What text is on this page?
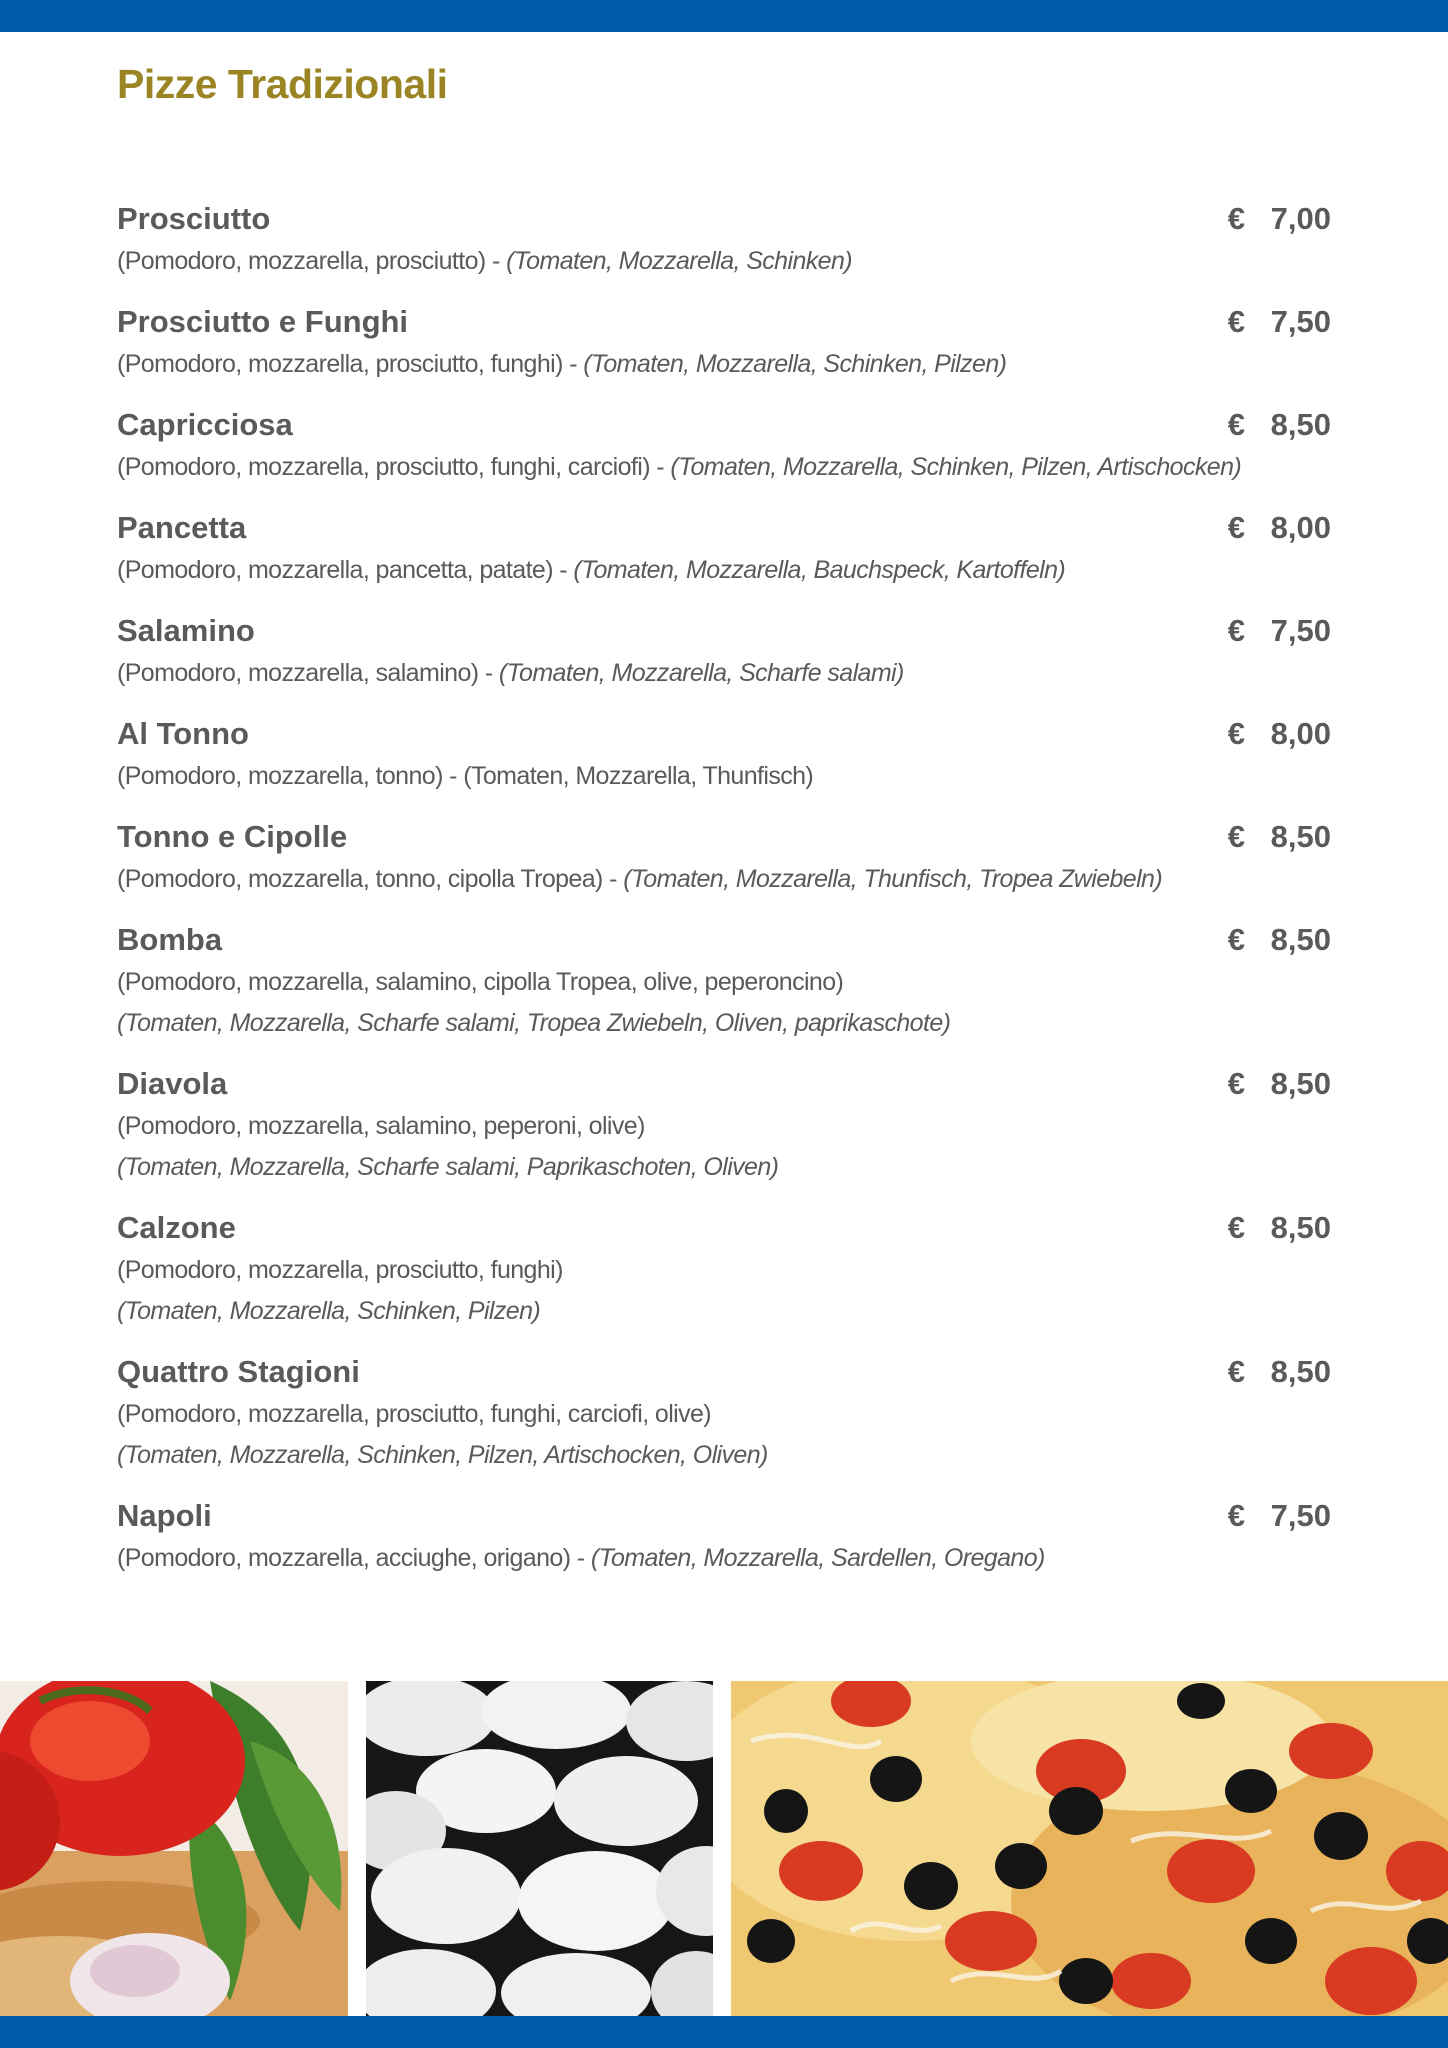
Pizze Tradizionali
Prosciutto	€ 7,00
(Pomodoro, mozzarella, prosciutto) - (Tomaten, Mozzarella, Schinken)
Prosciutto e Funghi	€ 7,50
(Pomodoro, mozzarella, prosciutto, funghi) - (Tomaten, Mozzarella, Schinken, Pilzen)
Capricciosa	€ 8,50
(Pomodoro, mozzarella, prosciutto, funghi, carciofi) - (Tomaten, Mozzarella, Schinken, Pilzen, Artischocken)
Pancetta	€ 8,00
(Pomodoro, mozzarella, pancetta, patate) - (Tomaten, Mozzarella, Bauchspeck, Kartoffeln)
Salamino	€ 7,50
(Pomodoro, mozzarella, salamino) - (Tomaten, Mozzarella, Scharfe salami)
Al Tonno	€ 8,00
(Pomodoro, mozzarella, tonno) - (Tomaten, Mozzarella, Thunfisch)
Tonno e Cipolle	€ 8,50
(Pomodoro, mozzarella, tonno, cipolla Tropea) - (Tomaten, Mozzarella, Thunfisch, Tropea Zwiebeln)
Bomba	€ 8,50
(Pomodoro, mozzarella, salamino, cipolla Tropea, olive, peperoncino)
(Tomaten, Mozzarella, Scharfe salami, Tropea Zwiebeln, Oliven, paprikaschote)
Diavola	€ 8,50
(Pomodoro, mozzarella, salamino, peperoni, olive)
(Tomaten, Mozzarella, Scharfe salami, Paprikaschoten, Oliven)
Calzone	€ 8,50
(Pomodoro, mozzarella, prosciutto, funghi)
(Tomaten, Mozzarella, Schinken, Pilzen)
Quattro Stagioni	€ 8,50
(Pomodoro, mozzarella, prosciutto, funghi, carciofi, olive)
(Tomaten, Mozzarella, Schinken, Pilzen, Artischocken, Oliven)
Napoli	€ 7,50
(Pomodoro, mozzarella, acciughe, origano) - (Tomaten, Mozzarella, Sardellen, Oregano)
